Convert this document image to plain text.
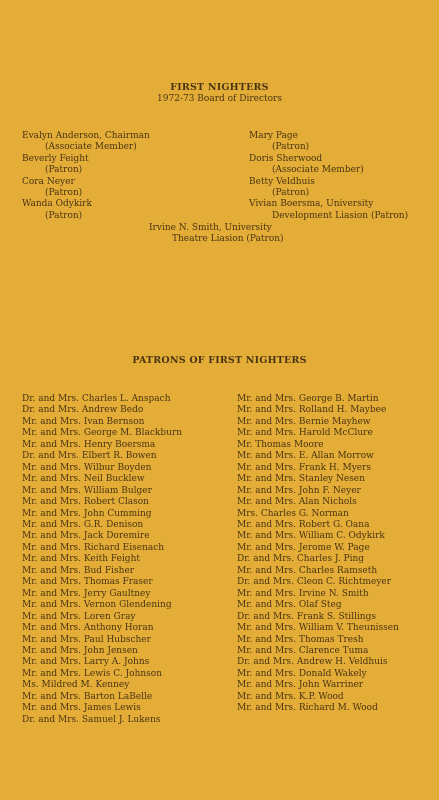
FIRST NIGHTERS
1972-73 Board of Directors
Evalyn Anderson, Chairman
(Associate Member)
Beverly Feight
(Patron)
Cora Neyer
(Patron)
Wanda Odykirk
(Patron)
Mary Page
(Patron)
Doris Sherwood
(Associate Member)
Betty Veldhuis
(Patron)
Vivian Boersma, University
Development Liasion (Patron)
Irvine N. Smith, University
Theatre Liasion (Patron)
PATRONS OF FIRST NIGHTERS
Dr. and Mrs. Charles L. Anspach
Dr. and Mrs. Andrew Bedo
Mr. and Mrs. Ivan Bernson
Mr. and Mrs. George M. Blackburn
Mr. and Mrs. Henry Boersma
Dr. and Mrs. Elbert R. Bowen
Mr. and Mrs. Wilbur Boyden
Mr. and Mrs. Neil Bucklew
Mr. and Mrs. William Bulger
Mr. and Mrs. Robert Clason
Mr. and Mrs. John Cumming
Mr. and Mrs. G.R. Denison
Mr. and Mrs. Jack Doremire
Mr. and Mrs. Richard Eisenach
Mr. and Mrs. Keith Feight
Mr. and Mrs. Bud Fisher
Mr. and Mrs. Thomas Fraser
Mr. and Mrs. Jerry Gaultney
Mr. and Mrs. Vernon Glendening
Mr. and Mrs. Loren Gray
Mr. and Mrs. Anthony Horan
Mr. and Mrs. Paul Hubscher
Mr. and Mrs. John Jensen
Mr. and Mrs. Larry A. Johns
Mr. and Mrs. Lewis C. Johnson
Ms. Mildred M. Kenney
Mr. and Mrs. Barton LaBelle
Mr. and Mrs. James Lewis
Dr. and Mrs. Samuel J. Lukens
Mr. and Mrs. George B. Martin
Mr. and Mrs. Rolland H. Maybee
Mr. and Mrs. Bernie Mayhew
Mr. and Mrs. Harold McClure
Mr. Thomas Moore
Mr. and Mrs. E. Allan Morrow
Mr. and Mrs. Frank H. Myers
Mr. and Mrs. Stanley Nesen
Mr. and Mrs. John F. Neyer
Mr. and Mrs. Alan Nichols
Mrs. Charles G. Norman
Mr. and Mrs. Robert G. Oana
Mr. and Mrs. William C. Odykirk
Mr. and Mrs. Jerome W. Page
Dr. and Mrs. Charles J. Ping
Mr. and Mrs. Charles Ramseth
Dr. and Mrs. Cleon C. Richtmeyer
Mr. and Mrs. Irvine N. Smith
Mr. and Mrs. Olaf Steg
Dr. and Mrs. Frank S. Stillings
Mr. and Mrs. William V. Theunissen
Mr. and Mrs. Thomas Tresh
Mr. and Mrs. Clarence Tuma
Dr. and Mrs. Andrew H. Veldhuis
Mr. and Mrs. Donald Wakely
Mr. and Mrs. John Warriner
Mr. and Mrs. K.P. Wood
Mr. and Mrs. Richard M. Wood
